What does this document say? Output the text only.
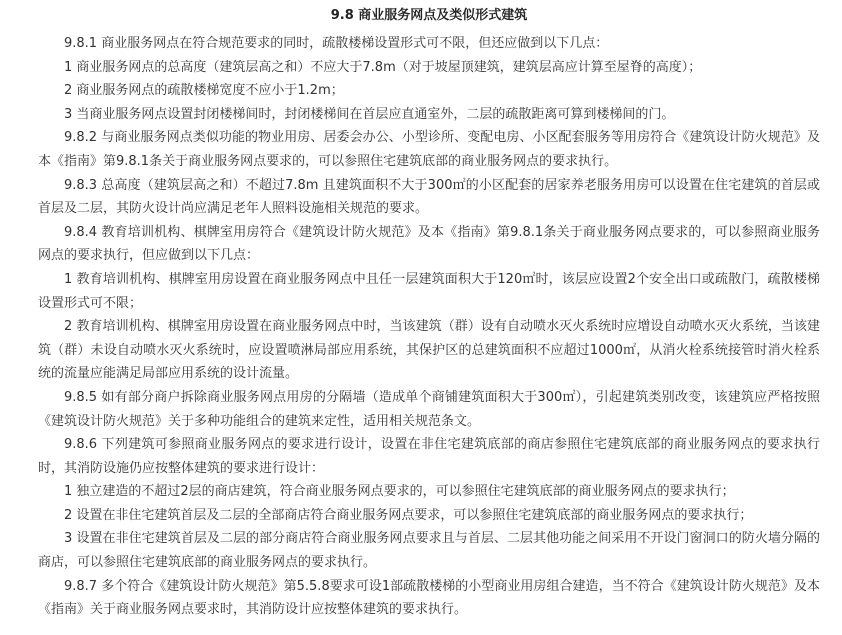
9.8 商业服务网点及类似形式建筑

9.8.1 商业服务网点在符合规范要求的同时，疏散楼梯设置形式可不限，但还应做到以下几点：

1 商业服务网点的总高度（建筑层高之和）不应大于7.8m（对于坡屋顶建筑，建筑层高应计算至屋脊的高度）；

2 商业服务网点的疏散楼梯宽度不应小于1.2m；

3 当商业服务网点设置封闭楼梯间时，封闭楼梯间在首层应直通室外，二层的疏散距离可算到楼梯间的门。

9.8.2 与商业服务网点类似功能的物业用房、居委会办公、小型诊所、变配电房、小区配套服务等用房符合《建筑设计防火规范》及本《指南》第9.8.1条关于商业服务网点要求的，可以参照住宅建筑底部的商业服务网点的要求执行。

9.8.3 总高度（建筑层高之和）不超过7.8m 且建筑面积不大于300㎡的小区配套的居家养老服务用房可以设置在住宅建筑的首层或首层及二层，其防火设计尚应满足老年人照料设施相关规范的要求。

9.8.4 教育培训机构、棋牌室用房符合《建筑设计防火规范》及本《指南》第9.8.1条关于商业服务网点要求的，可以参照商业服务网点的要求执行，但应做到以下几点：

1 教育培训机构、棋牌室用房设置在商业服务网点中且任一层建筑面积大于120㎡时，该层应设置2个安全出口或疏散门，疏散楼梯设置形式可不限；

2 教育培训机构、棋牌室用房设置在商业服务网点中时，当该建筑（群）设有自动喷水灭火系统时应增设自动喷水灭火系统，当该建筑（群）未设自动喷水灭火系统时，应设置喷淋局部应用系统，其保护区的总建筑面积不应超过1000㎡，从消火栓系统接管时消火栓系统的流量应能满足局部应用系统的设计流量。

9.8.5 如有部分商户拆除商业服务网点用房的分隔墙（造成单个商铺建筑面积大于300㎡），引起建筑类别改变，该建筑应严格按照《建筑设计防火规范》关于多种功能组合的建筑来定性，适用相关规范条文。

9.8.6 下列建筑可参照商业服务网点的要求进行设计，设置在非住宅建筑底部的商店参照住宅建筑底部的商业服务网点的要求执行时，其消防设施仍应按整体建筑的要求进行设计：

1 独立建造的不超过2层的商店建筑，符合商业服务网点要求的，可以参照住宅建筑底部的商业服务网点的要求执行；

2 设置在非住宅建筑首层及二层的全部商店符合商业服务网点要求，可以参照住宅建筑底部的商业服务网点的要求执行；

3 设置在非住宅建筑首层及二层的部分商店符合商业服务网点要求且与首层、二层其他功能之间采用不开设门窗洞口的防火墙分隔的商店，可以参照住宅建筑底部的商业服务网点的要求执行。

9.8.7 多个符合《建筑设计防火规范》第5.5.8要求可设1部疏散楼梯的小型商业用房组合建造，当不符合《建筑设计防火规范》及本《指南》关于商业服务网点要求时，其消防设计应按整体建筑的要求执行。
